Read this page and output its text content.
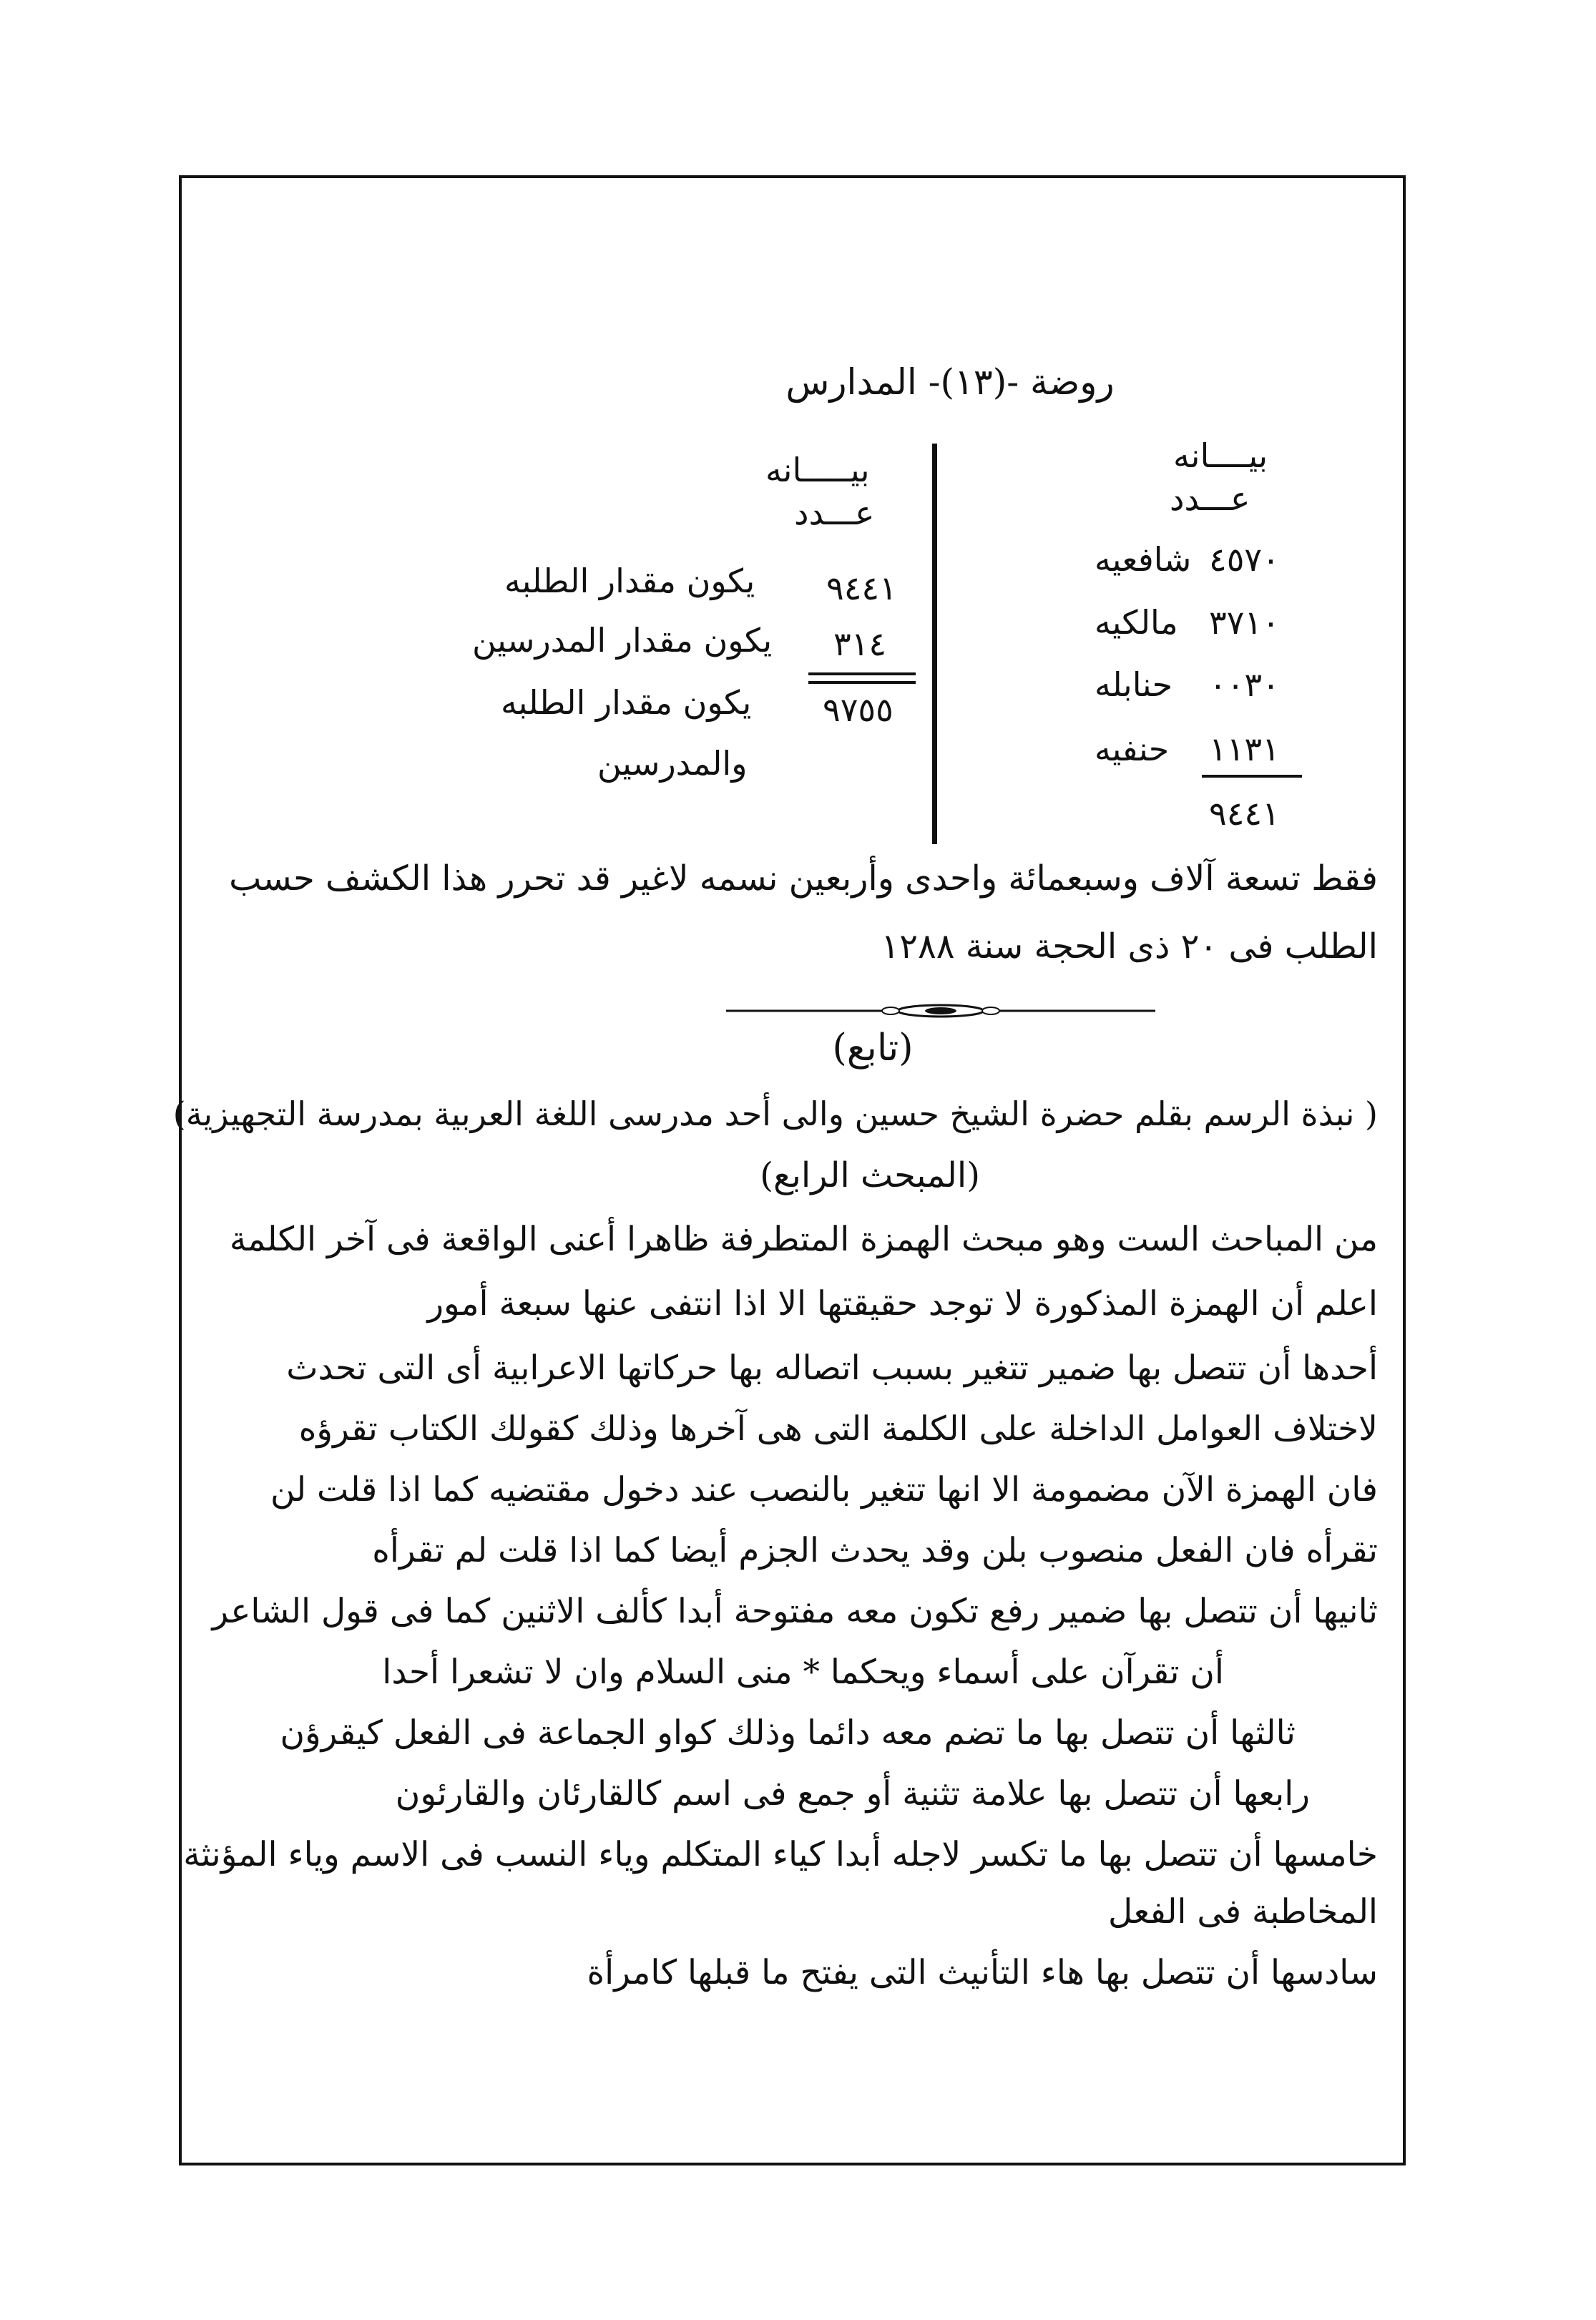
روضة -(١٣)- المدارس
بيــــانه
عـــدد
٤٥٧٠
شافعيه
٣٧١٠
مالكيه
٠٠٣٠
حنابله
١١٣١
حنفيه
٩٤٤١
بيـــــانه
عـــدد
٩٤٤١
٣١٤
٩٧٥٥
يكون مقدار الطلبه
يكون مقدار المدرسين
يكون مقدار الطلبه
والمدرسين
فقط تسعة آلاف وسبعمائة واحدى وأربعين نسمه لاغير قد تحرر هذا الكشف حسب
الطلب فى ٢٠ ذى الحجة سنة ١٢٨٨
(تابع)
( نبذة الرسم بقلم حضرة الشيخ حسين والى أحد مدرسى اللغة العربية بمدرسة التجهيزية)
(المبحث الرابع)
من المباحث الست وهو مبحث الهمزة المتطرفة ظاهرا أعنى الواقعة فى آخر الكلمة
اعلم أن الهمزة المذكورة لا توجد حقيقتها الا اذا انتفى عنها سبعة أمور
أحدها أن تتصل بها ضمير تتغير بسبب اتصاله بها حركاتها الاعرابية أى التى تحدث
لاختلاف العوامل الداخلة على الكلمة التى هى آخرها وذلك كقولك الكتاب تقرؤه
فان الهمزة الآن مضمومة الا انها تتغير بالنصب عند دخول مقتضيه كما اذا قلت لن
تقرأه فان الفعل منصوب بلن وقد يحدث الجزم أيضا كما اذا قلت لم تقرأه
ثانيها أن تتصل بها ضمير رفع تكون معه مفتوحة أبدا كألف الاثنين كما فى قول الشاعر
أن تقرآن على أسماء ويحكما * منى السلام وان لا تشعرا أحدا
ثالثها أن تتصل بها ما تضم معه دائما وذلك كواو الجماعة فى الفعل كيقرؤن
رابعها أن تتصل بها علامة تثنية أو جمع فى اسم كالقارئان والقارئون
خامسها أن تتصل بها ما تكسر لاجله أبدا كياء المتكلم وياء النسب فى الاسم وياء المؤنثة
المخاطبة فى الفعل
سادسها أن تتصل بها هاء التأنيث التى يفتح ما قبلها كامرأة
